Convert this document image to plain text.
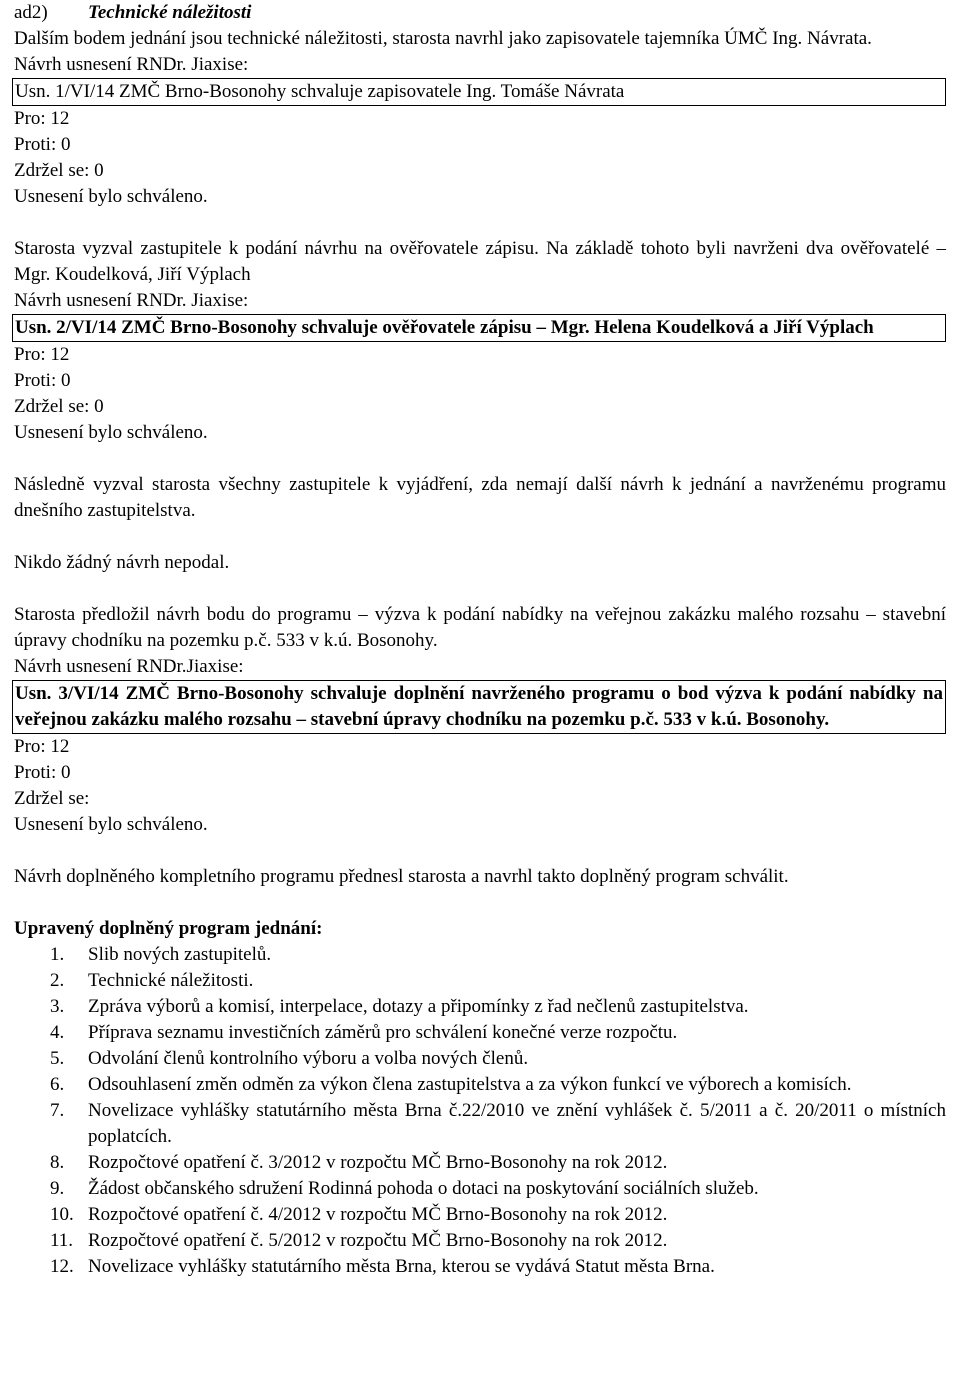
ad2) Technické náležitosti

Dalším bodem jednání jsou technické náležitosti, starosta navrhl jako zapisovatele tajemníka ÚMČ Ing. Návrata.

Návrh usnesení RNDr. Jiaxise:

Usn. 1/VI/14 ZMČ Brno-Bosonohy schvaluje zapisovatele Ing. Tomáše Návrata

Pro: 12

Proti: 0

Zdržel se: 0

Usnesení bylo schváleno.

Starosta vyzval zastupitele k podání návrhu na ověřovatele zápisu. Na základě tohoto byli navrženi dva ověřovatelé – Mgr. Koudelková, Jiří Výplach

Návrh usnesení RNDr. Jiaxise:

Usn. 2/VI/14 ZMČ Brno-Bosonohy schvaluje ověřovatele zápisu – Mgr. Helena Koudelková a Jiří Výplach

Pro: 12

Proti: 0

Zdržel se: 0

Usnesení bylo schváleno.

Následně vyzval starosta všechny zastupitele k vyjádření, zda nemají další návrh k jednání a navrženému programu dnešního zastupitelstva.

Nikdo žádný návrh nepodal.

Starosta předložil návrh bodu do programu – výzva k podání nabídky na veřejnou zakázku malého rozsahu – stavební úpravy chodníku na pozemku p.č. 533 v k.ú. Bosonohy.

Návrh usnesení RNDr.Jiaxise:

Usn. 3/VI/14 ZMČ Brno-Bosonohy schvaluje doplnění navrženého programu o bod výzva k podání nabídky na veřejnou zakázku malého rozsahu – stavební úpravy chodníku na pozemku p.č. 533 v k.ú. Bosonohy.

Pro: 12

Proti: 0

Zdržel se:

Usnesení bylo schváleno.

Návrh doplněného kompletního programu přednesl starosta a navrhl takto doplněný program schválit.

Upravený doplněný program jednání:

1.	Slib nových zastupitelů.
2.	Technické náležitosti.
3.	Zpráva výborů a komisí, interpelace, dotazy a připomínky z řad nečlenů zastupitelstva.
4.	Příprava seznamu investičních záměrů pro schválení konečné verze rozpočtu.
5.	Odvolání členů kontrolního výboru a volba nových členů.
6.	Odsouhlasení změn odměn za výkon člena zastupitelstva a za výkon funkcí ve výborech a komisích.
7.	Novelizace vyhlášky statutárního města Brna č.22/2010 ve znění vyhlášek č. 5/2011 a č. 20/2011 o místních poplatcích.
8.	Rozpočtové opatření č. 3/2012 v rozpočtu MČ Brno-Bosonohy na rok 2012.
9.	Žádost občanského sdružení Rodinná pohoda o dotaci na poskytování sociálních služeb.
10. Rozpočtové opatření č. 4/2012 v rozpočtu MČ Brno-Bosonohy na rok 2012.
11. Rozpočtové opatření č. 5/2012 v rozpočtu MČ Brno-Bosonohy na rok 2012.
12. Novelizace vyhlášky statutárního města Brna, kterou se vydává Statut města Brna.
